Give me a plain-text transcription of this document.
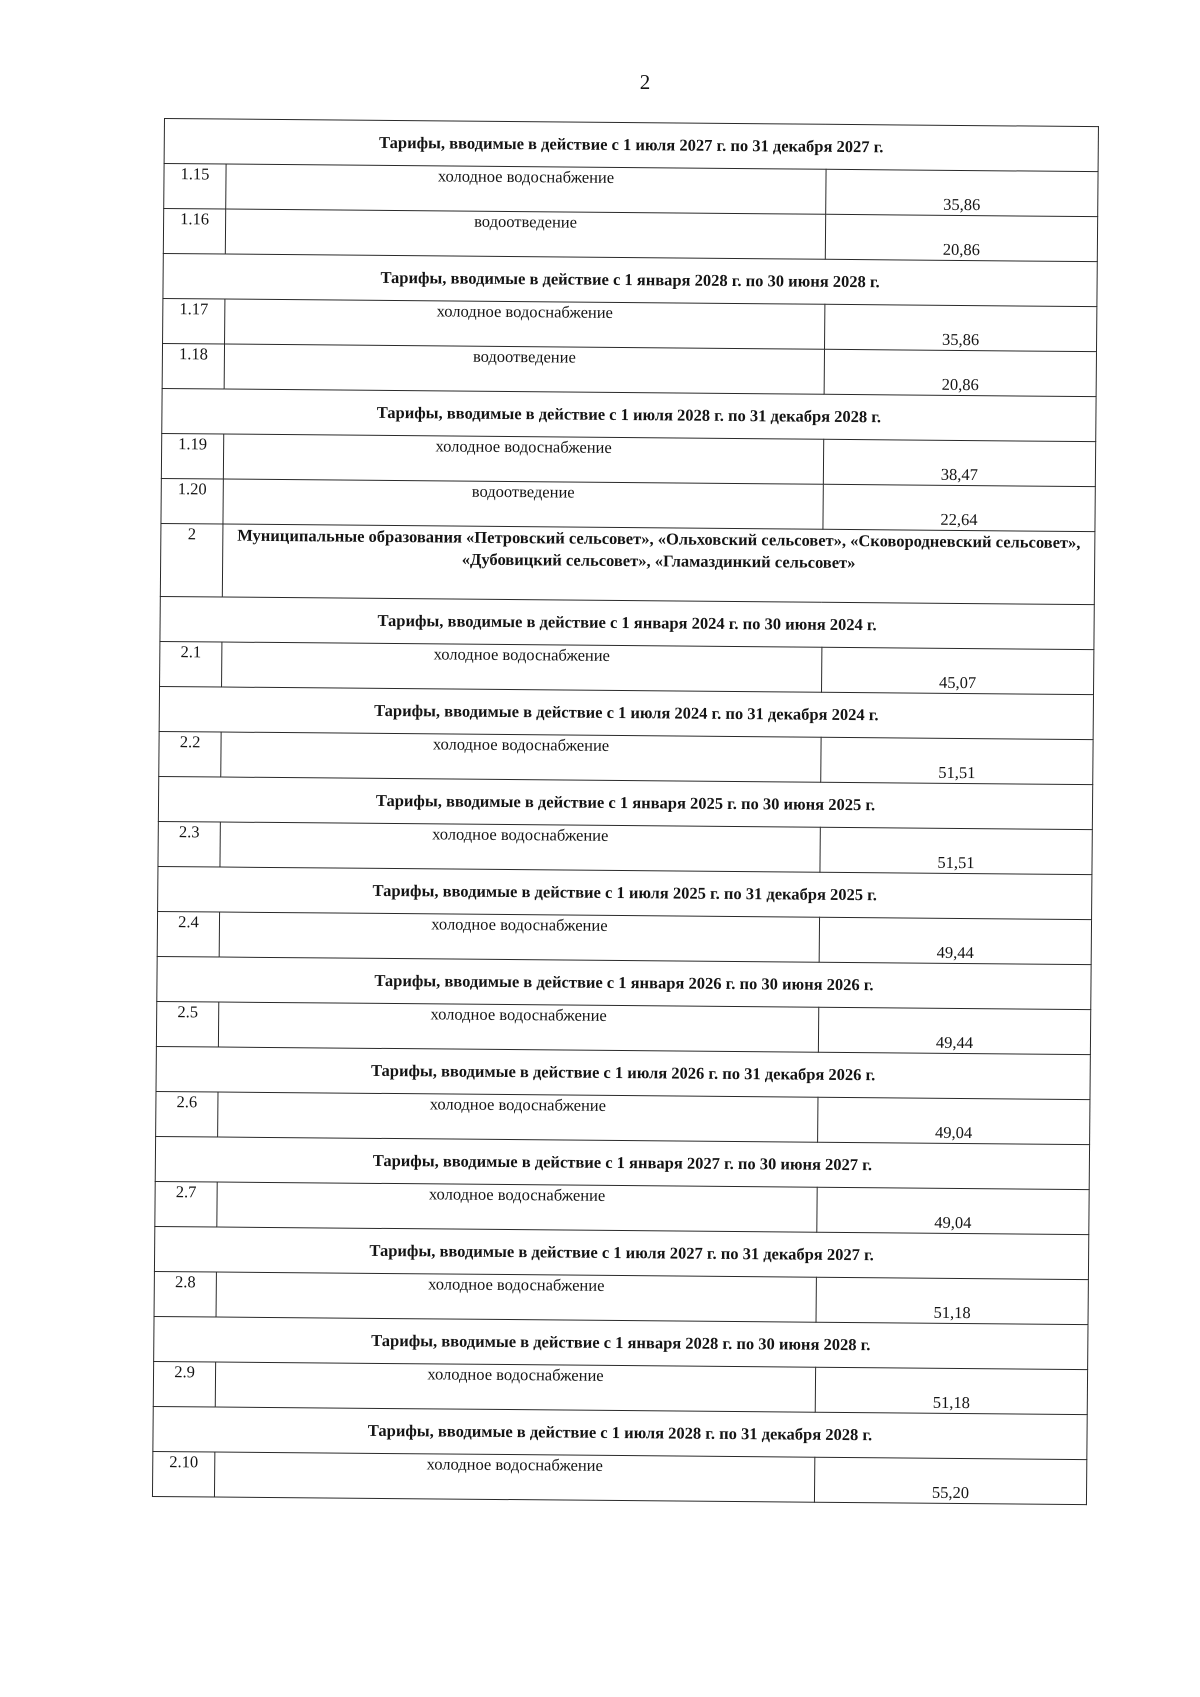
2
Тарифы, вводимые в действие с 1 июля 2027 г. по 31 декабря 2027 г.		
1.15	холодное водоснабжение	35,86
1.16	водоотведение	20,86
Тарифы, вводимые в действие с 1 января 2028 г. по 30 июня 2028 г.		
1.17	холодное водоснабжение	35,86
1.18	водоотведение	20,86
Тарифы, вводимые в действие с 1 июля 2028 г. по 31 декабря 2028 г.		
1.19	холодное водоснабжение	38,47
1.20	водоотведение	22,64
2	Муниципальные образования «Петровский сельсовет», «Ольховский сельсовет», «Сковородневский сельсовет», «Дубовицкий сельсовет», «Гламаздинкий сельсовет»	
Тарифы, вводимые в действие с 1 января 2024 г. по 30 июня 2024 г.		
2.1	холодное водоснабжение	45,07
Тарифы, вводимые в действие с 1 июля 2024 г. по 31 декабря 2024 г.		
2.2	холодное водоснабжение	51,51
Тарифы, вводимые в действие с 1 января 2025 г. по 30 июня 2025 г.		
2.3	холодное водоснабжение	51,51
Тарифы, вводимые в действие с 1 июля 2025 г. по 31 декабря 2025 г.		
2.4	холодное водоснабжение	49,44
Тарифы, вводимые в действие с 1 января 2026 г. по 30 июня 2026 г.		
2.5	холодное водоснабжение	49,44
Тарифы, вводимые в действие с 1 июля 2026 г. по 31 декабря 2026 г.		
2.6	холодное водоснабжение	49,04
Тарифы, вводимые в действие с 1 января 2027 г. по 30 июня 2027 г.		
2.7	холодное водоснабжение	49,04
Тарифы, вводимые в действие с 1 июля 2027 г. по 31 декабря 2027 г.		
2.8	холодное водоснабжение	51,18
Тарифы, вводимые в действие с 1 января 2028 г. по 30 июня 2028 г.		
2.9	холодное водоснабжение	51,18
Тарифы, вводимые в действие с 1 июля 2028 г. по 31 декабря 2028 г.		
2.10	холодное водоснабжение	55,20
